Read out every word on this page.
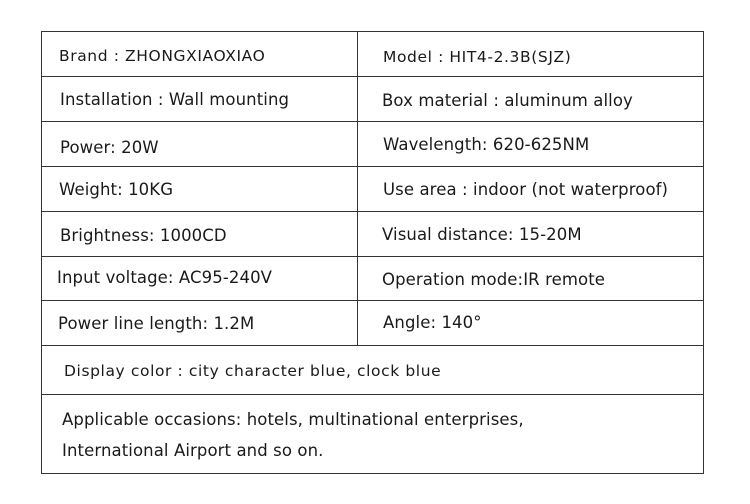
Brand : ZHONGXIAOXIAO	Model : HIT4-2.3B(SJZ)
Installation : Wall mounting	Box material : aluminum alloy
Power: 20W	Wavelength: 620-625NM
Weight: 10KG	Use area : indoor (not waterproof)
Brightness: 1000CD	Visual distance: 15-20M
Input voltage: AC95-240V	Operation mode:IR remote
Power line length: 1.2M	Angle: 140°
Display color : city character blue, clock blue
Applicable occasions: hotels, multinational enterprises,
International Airport and so on.
